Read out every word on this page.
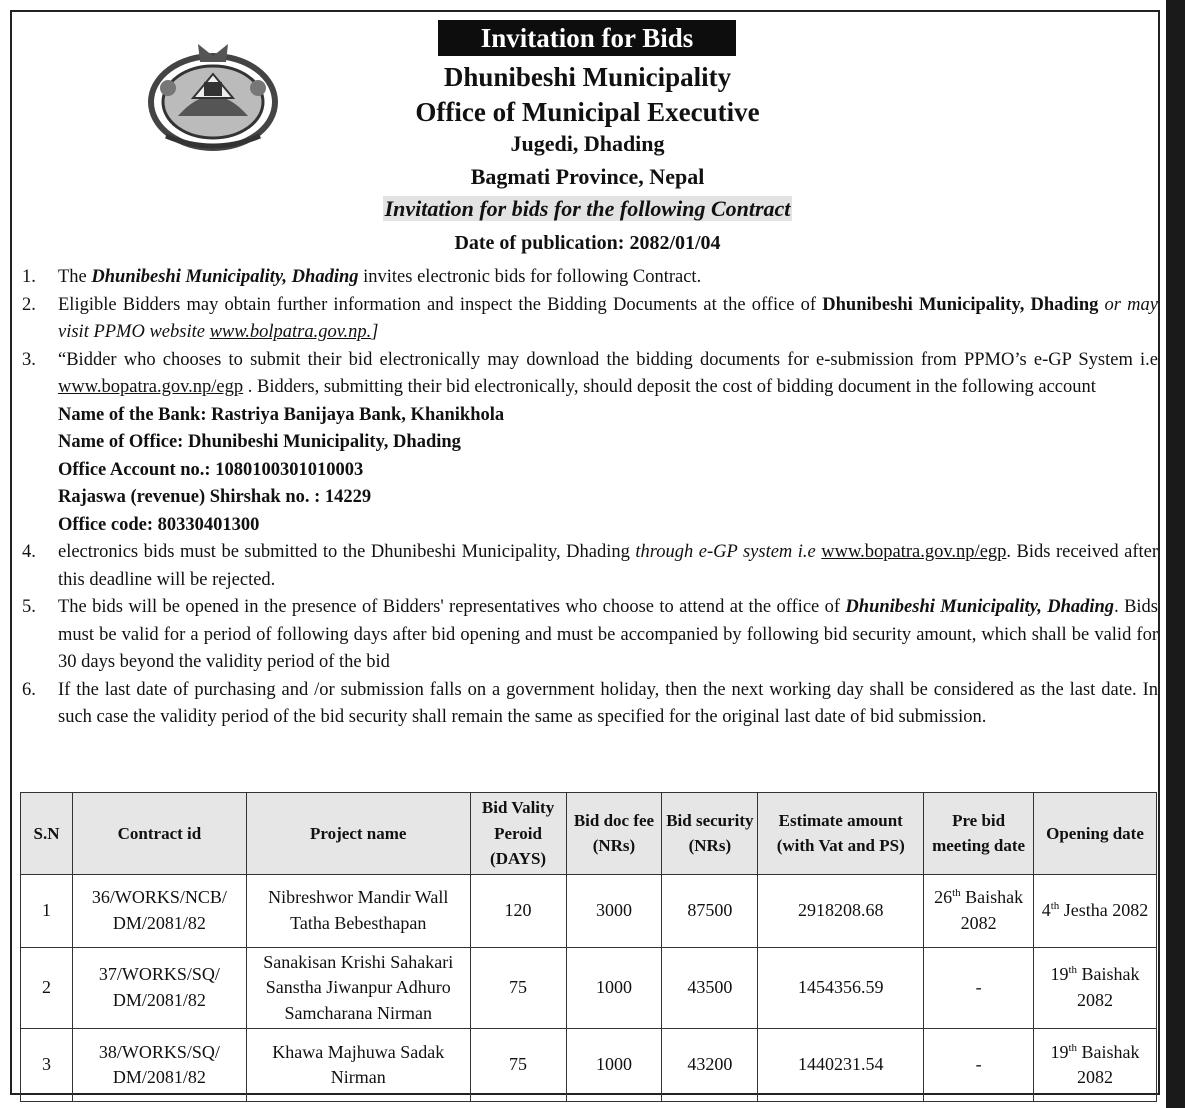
Invitation for Bids
Dhunibeshi Municipality
Office of Municipal Executive
Jugedi, Dhading
Bagmati Province, Nepal
Invitation for bids for the following Contract
Date of publication: 2082/01/04
1.	The Dhunibeshi Municipality, Dhading invites electronic bids for following Contract.
2.	Eligible Bidders may obtain further information and inspect the Bidding Documents at the office of Dhunibeshi Municipality, Dhading or may visit PPMO website www.bolpatra.gov.np.]
3.	“Bidder who chooses to submit their bid electronically may download the bidding documents for e-submission from PPMO’s e-GP System i.e www.bopatra.gov.np/egp . Bidders, submitting their bid electronically, should deposit the cost of bidding document in the following account
Name of the Bank: Rastriya Banijaya Bank, Khanikhola
Name of Office: Dhunibeshi Municipality, Dhading
Office Account no.: 1080100301010003
Rajaswa (revenue) Shirshak no. : 14229
Office code: 80330401300
4.	electronics bids must be submitted to the Dhunibeshi Municipality, Dhading through e-GP system i.e www.bopatra.gov.np/egp. Bids received after this deadline will be rejected.
5.	The bids will be opened in the presence of Bidders' representatives who choose to attend at the office of Dhunibeshi Municipality, Dhading. Bids must be valid for a period of following days after bid opening and must be accompanied by following bid security amount, which shall be valid for 30 days beyond the validity period of the bid
6.	If the last date of purchasing and /or submission falls on a government holiday, then the next working day shall be considered as the last date. In such case the validity period of the bid security shall remain the same as specified for the original last date of bid submission.
S.N	Contract id	Project name	Bid Vality Peroid (DAYS)	Bid doc fee (NRs)	Bid security (NRs)	Estimate amount (with Vat and PS)	Pre bid meeting date	Opening date
1	36/WORKS/NCB/ DM/2081/82	Nibreshwor Mandir Wall Tatha Bebesthapan	120	3000	87500	2918208.68	26th Baishak 2082	4th Jestha 2082
2	37/WORKS/SQ/ DM/2081/82	Sanakisan Krishi Sahakari Sanstha Jiwanpur Adhuro Samcharana Nirman	75	1000	43500	1454356.59	-	19th Baishak 2082
3	38/WORKS/SQ/ DM/2081/82	Khawa Majhuwa Sadak Nirman	75	1000	43200	1440231.54	-	19th Baishak 2082
